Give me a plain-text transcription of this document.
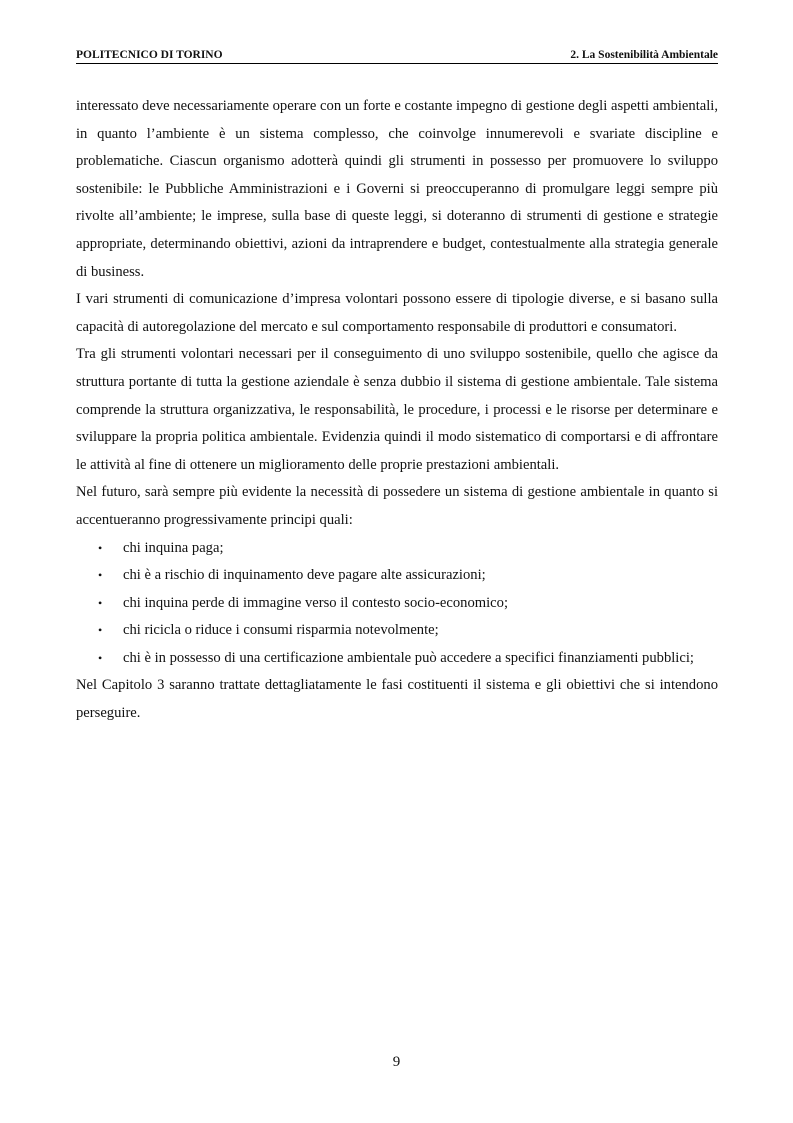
POLITECNICO DI TORINO	2. La Sostenibilità Ambientale

interessato deve necessariamente operare con un forte e costante impegno di gestione degli aspetti ambientali, in quanto l’ambiente è un sistema complesso, che coinvolge innumerevoli e svariate discipline e problematiche. Ciascun organismo adotterà quindi gli strumenti in possesso per promuovere lo sviluppo sostenibile: le Pubbliche Amministrazioni e i Governi si preoccuperanno di promulgare leggi sempre più rivolte all’ambiente; le imprese, sulla base di queste leggi, si doteranno di strumenti di gestione e strategie appropriate, determinando obiettivi, azioni da intraprendere e budget, contestualmente alla strategia generale di business.

I vari strumenti di comunicazione d’impresa volontari possono essere di tipologie diverse, e si basano sulla capacità di autoregolazione del mercato e sul comportamento responsabile di produttori e consumatori.

Tra gli strumenti volontari necessari per il conseguimento di uno sviluppo sostenibile, quello che agisce da struttura portante di tutta la gestione aziendale è senza dubbio il sistema di gestione ambientale. Tale sistema comprende la struttura organizzativa, le responsabilità, le procedure, i processi e le risorse per determinare e sviluppare la propria politica ambientale. Evidenzia quindi il modo sistematico di comportarsi e di affrontare le attività al fine di ottenere un miglioramento delle proprie prestazioni ambientali.

Nel futuro, sarà sempre più evidente la necessità di possedere un sistema di gestione ambientale in quanto si accentueranno progressivamente principi quali:

• chi inquina paga;
• chi è a rischio di inquinamento deve pagare alte assicurazioni;
• chi inquina perde di immagine verso il contesto socio-economico;
• chi ricicla o riduce i consumi risparmia notevolmente;
• chi è in possesso di una certificazione ambientale può accedere a specifici finanziamenti pubblici;

Nel Capitolo 3 saranno trattate dettagliatamente le fasi costituenti il sistema e gli obiettivi che si intendono perseguire.

9
